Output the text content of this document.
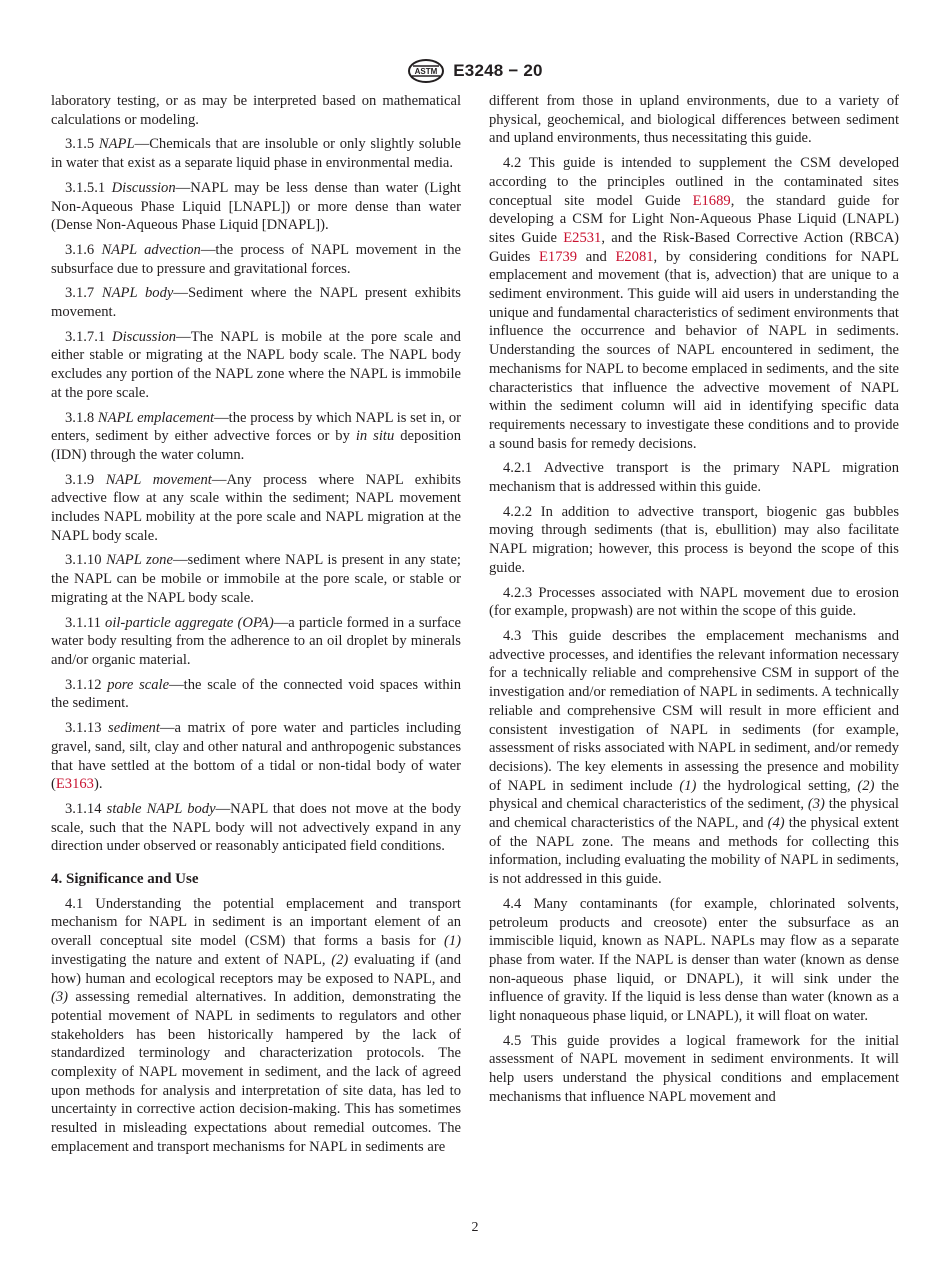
ASTM E3248 − 20

laboratory testing, or as may be interpreted based on mathematical calculations or modeling.

3.1.5 NAPL—Chemicals that are insoluble or only slightly soluble in water that exist as a separate liquid phase in environmental media.

3.1.5.1 Discussion—NAPL may be less dense than water (Light Non-Aqueous Phase Liquid [LNAPL]) or more dense than water (Dense Non-Aqueous Phase Liquid [DNAPL]).

3.1.6 NAPL advection—the process of NAPL movement in the subsurface due to pressure and gravitational forces.

3.1.7 NAPL body—Sediment where the NAPL present exhibits movement.

3.1.7.1 Discussion—The NAPL is mobile at the pore scale and either stable or migrating at the NAPL body scale. The NAPL body excludes any portion of the NAPL zone where the NAPL is immobile at the pore scale.

3.1.8 NAPL emplacement—the process by which NAPL is set in, or enters, sediment by either advective forces or by in situ deposition (IDN) through the water column.

3.1.9 NAPL movement—Any process where NAPL exhibits advective flow at any scale within the sediment; NAPL movement includes NAPL mobility at the pore scale and NAPL migration at the NAPL body scale.

3.1.10 NAPL zone—sediment where NAPL is present in any state; the NAPL can be mobile or immobile at the pore scale, or stable or migrating at the NAPL body scale.

3.1.11 oil-particle aggregate (OPA)—a particle formed in a surface water body resulting from the adherence to an oil droplet by minerals and/or organic material.

3.1.12 pore scale—the scale of the connected void spaces within the sediment.

3.1.13 sediment—a matrix of pore water and particles including gravel, sand, silt, clay and other natural and anthropogenic substances that have settled at the bottom of a tidal or non-tidal body of water (E3163).

3.1.14 stable NAPL body—NAPL that does not move at the body scale, such that the NAPL body will not advectively expand in any direction under observed or reasonably anticipated field conditions.

4. Significance and Use

4.1 Understanding the potential emplacement and transport mechanism for NAPL in sediment is an important element of an overall conceptual site model (CSM) that forms a basis for (1) investigating the nature and extent of NAPL, (2) evaluating if (and how) human and ecological receptors may be exposed to NAPL, and (3) assessing remedial alternatives. In addition, demonstrating the potential movement of NAPL in sediments to regulators and other stakeholders has been historically hampered by the lack of standardized terminology and characterization protocols. The complexity of NAPL movement in sediment, and the lack of agreed upon methods for analysis and interpretation of site data, has led to uncertainty in corrective action decision-making. This has sometimes resulted in misleading expectations about remedial outcomes. The emplacement and transport mechanisms for NAPL in sediments are

different from those in upland environments, due to a variety of physical, geochemical, and biological differences between sediment and upland environments, thus necessitating this guide.

4.2 This guide is intended to supplement the CSM developed according to the principles outlined in the contaminated sites conceptual site model Guide E1689, the standard guide for developing a CSM for Light Non-Aqueous Phase Liquid (LNAPL) sites Guide E2531, and the Risk-Based Corrective Action (RBCA) Guides E1739 and E2081, by considering conditions for NAPL emplacement and movement (that is, advection) that are unique to a sediment environment. This guide will aid users in understanding the unique and fundamental characteristics of sediment environments that influence the occurrence and behavior of NAPL in sediments. Understanding the sources of NAPL encountered in sediment, the mechanisms for NAPL to become emplaced in sediments, and the site characteristics that influence the advective movement of NAPL within the sediment column will aid in identifying specific data requirements necessary to investigate these conditions and to provide a sound basis for remedy decisions.

4.2.1 Advective transport is the primary NAPL migration mechanism that is addressed within this guide.

4.2.2 In addition to advective transport, biogenic gas bubbles moving through sediments (that is, ebullition) may also facilitate NAPL migration; however, this process is beyond the scope of this guide.

4.2.3 Processes associated with NAPL movement due to erosion (for example, propwash) are not within the scope of this guide.

4.3 This guide describes the emplacement mechanisms and advective processes, and identifies the relevant information necessary for a technically reliable and comprehensive CSM in support of the investigation and/or remediation of NAPL in sediments. A technically reliable and comprehensive CSM will result in more efficient and consistent investigation of NAPL in sediments (for example, assessment of risks associated with NAPL in sediment, and/or remedy decisions). The key elements in assessing the presence and mobility of NAPL in sediment include (1) the hydrological setting, (2) the physical and chemical characteristics of the sediment, (3) the physical and chemical characteristics of the NAPL, and (4) the physical extent of the NAPL zone. The means and methods for collecting this information, including evaluating the mobility of NAPL in sediments, is not addressed in this guide.

4.4 Many contaminants (for example, chlorinated solvents, petroleum products and creosote) enter the subsurface as an immiscible liquid, known as NAPL. NAPLs may flow as a separate phase from water. If the NAPL is denser than water (known as dense non-aqueous phase liquid, or DNAPL), it will sink under the influence of gravity. If the liquid is less dense than water (known as a light nonaqueous phase liquid, or LNAPL), it will float on water.

4.5 This guide provides a logical framework for the initial assessment of NAPL movement in sediment environments. It will help users understand the physical conditions and emplacement mechanisms that influence NAPL movement and

2
